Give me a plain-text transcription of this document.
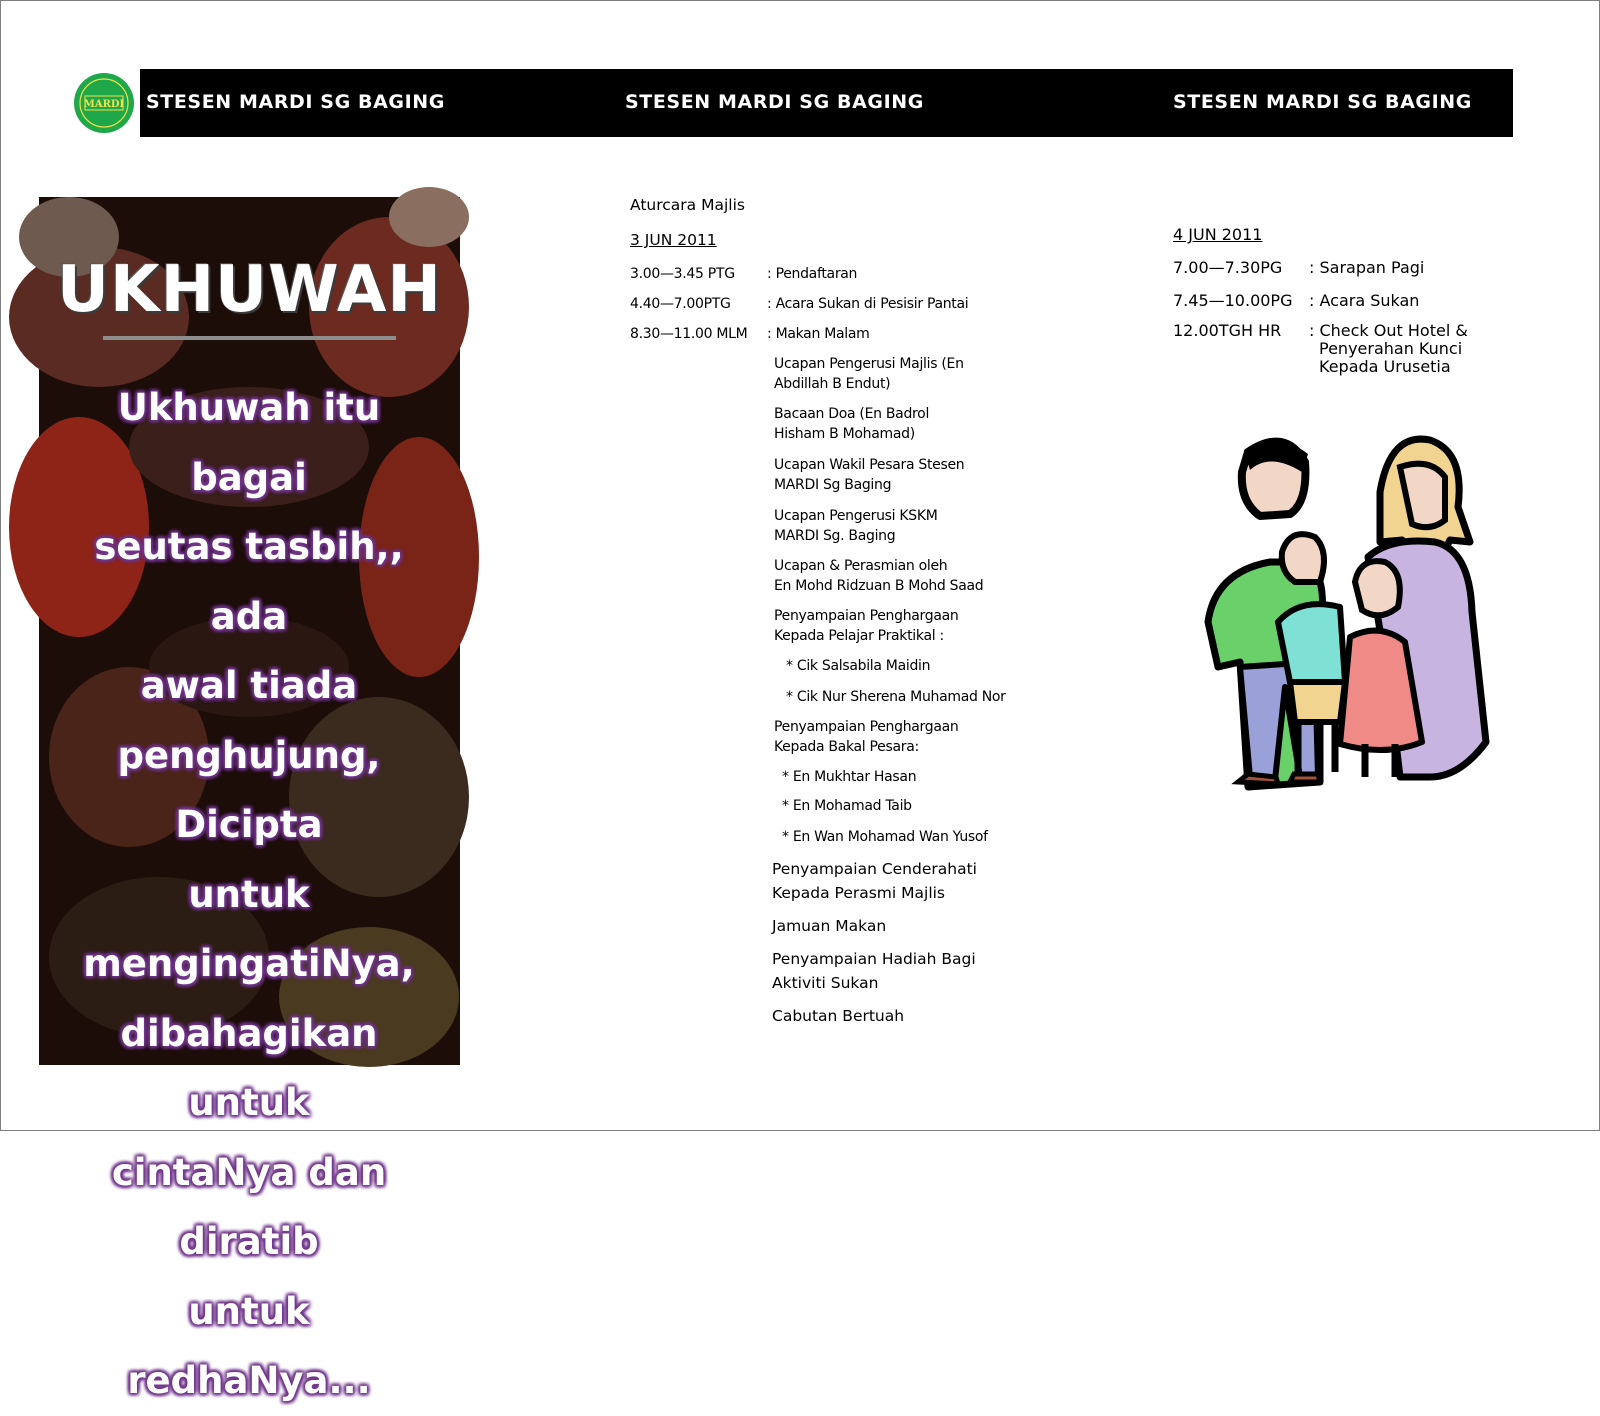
MARDI STESEN MARDI SG BAGING	STESEN MARDI SG BAGING	STESEN MARDI SG BAGING
UKHUWAH
Ukhuwah itu bagai
seutas tasbih,, ada
awal tiada
penghujung, Dicipta
untuk
mengingatiNya,
dibahagikan untuk
cintaNya dan diratib
untuk redhaNya...
Aturcara Majlis
3 JUN 2011
3.00—3.45 PTG : Pendaftaran
4.40—7.00PTG	: Acara Sukan di Pesisir Pantai
8.30—11.00 MLM : Makan Malam
Ucapan Pengerusi Majlis (En
Abdillah B Endut)
Bacaan Doa (En Badrol
Hisham B Mohamad)
Ucapan Wakil Pesara Stesen
MARDI Sg Baging
Ucapan Pengerusi KSKM
MARDI Sg. Baging
Ucapan & Perasmian oleh
En Mohd Ridzuan B Mohd Saad
Penyampaian Penghargaan
Kepada Pelajar Praktikal :
* Cik Salsabila Maidin
* Cik Nur Sherena Muhamad Nor
Penyampaian Penghargaan
Kepada Bakal Pesara:
* En Mukhtar Hasan
* En Mohamad Taib
* En Wan Mohamad Wan Yusof
Penyampaian Cenderahati
Kepada Perasmi Majlis
Jamuan Makan
Penyampaian Hadiah Bagi
Aktiviti Sukan
Cabutan Bertuah
4 JUN 2011
7.00—7.30PG : Sarapan Pagi
7.45—10.00PG : Acara Sukan
12.00TGH HR : Check Out Hotel &
Penyerahan Kunci
Kepada Urusetia
